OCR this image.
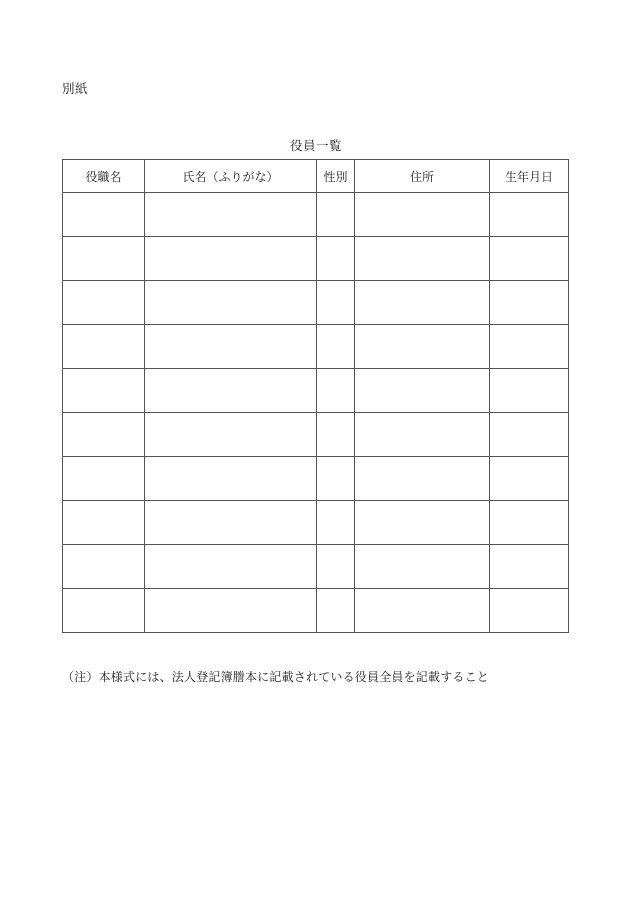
別紙
役員一覧
役職名	氏名（ふりがな）	性別	住所	生年月日

（注）本様式には、法人登記簿謄本に記載されている役員全員を記載すること
